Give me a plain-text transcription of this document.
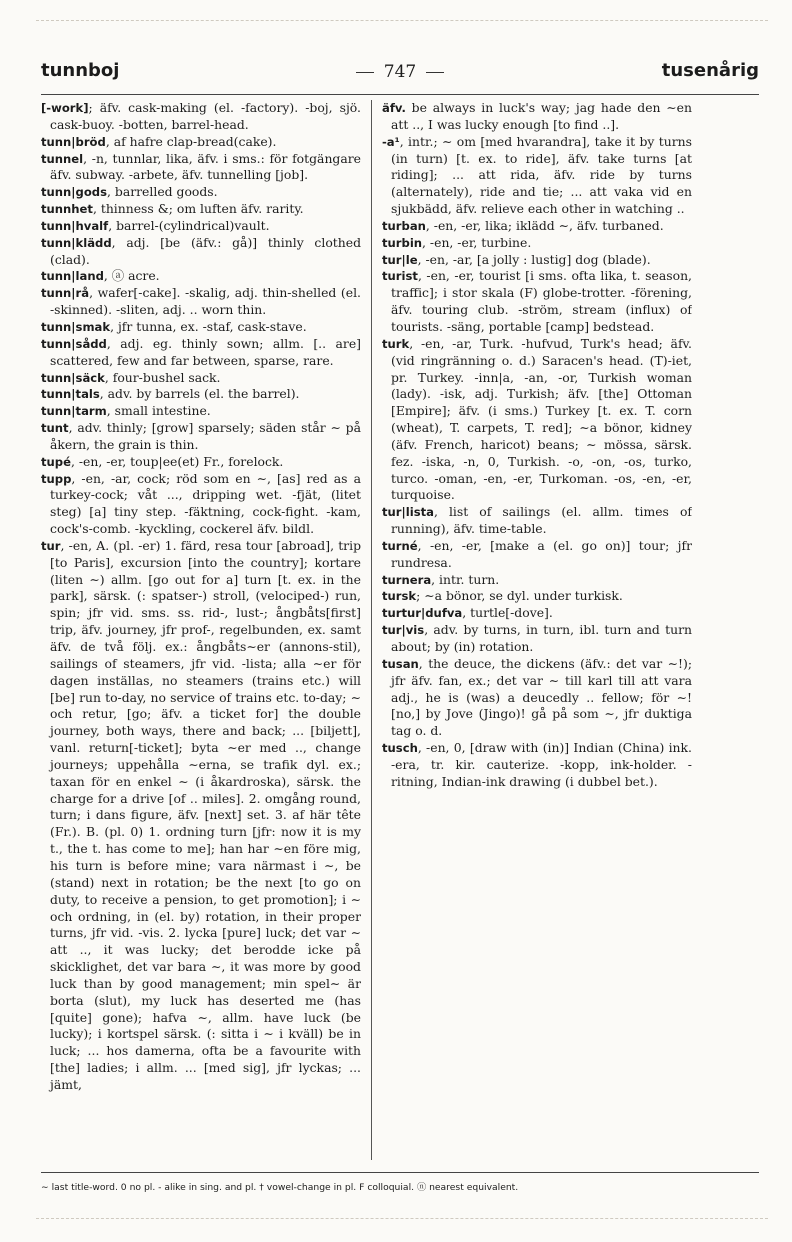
tunnboj	747	tusenårig

[-work]; äfv. cask-making (el. -factory). -boj, sjö. cask-buoy. -botten, barrel-head.

tunn|bröd, af hafre clap-bread(cake).

tunnel, -n, tunnlar, lika, äfv. i sms.: för fotgängare äfv. subway. -arbete, äfv. tunnelling [job].

tunn|gods, barrelled goods.

tunnhet, thinness &; om luften äfv. rarity.

tunn|hvalf, barrel-(cylindrical)vault.

tunn|klädd, adj. [be (äfv.: gå)] thinly clothed (clad).

tunn|land, ⓐ acre.

tunn|rå, wafer[-cake]. -skalig, adj. thin-shelled (el. -skinned). -sliten, adj. .. worn thin.

tunn|smak, jfr tunna, ex. -staf, cask-stave.

tunn|sådd, adj. eg. thinly sown; allm. [.. are] scattered, few and far between, sparse, rare.

tunn|säck, four-bushel sack.

tunn|tals, adv. by barrels (el. the barrel).

tunn|tarm, small intestine.

tunt, adv. thinly; [grow] sparsely; säden står ∼ på åkern, the grain is thin.

tupé, -en, -er, toup|ee(et) Fr., forelock.

tupp, -en, -ar, cock; röd som en ∼, [as] red as a turkey-cock; våt ..., dripping wet. -fjät, (litet steg) [a] tiny step. -fäktning, cock-fight. -kam, cock's-comb. -kyckling, cockerel äfv. bildl.

tur, -en, A. (pl. -er) 1. färd, resa tour [abroad], trip [to Paris], excursion [into the country]; kortare (liten ∼) allm. [go out for a] turn [t. ex. in the park], särsk. (: spatser-) stroll, (velociped-) run, spin; jfr vid. sms. ss. rid-, lust-; ångbåts[first] trip, äfv. journey, jfr prof-, regelbunden, ex. samt äfv. de två följ. ex.: ångbåts∼er (annons-stil), sailings of steamers, jfr vid. -lista; alla ∼er för dagen inställas, no steamers (trains etc.) will [be] run to-day, no service of trains etc. to-day; ∼ och retur, [go; äfv. a ticket for] the double journey, both ways, there and back; ... [biljett], vanl. return[-ticket]; byta ∼er med .., change journeys; uppehålla ∼erna, se trafik dyl. ex.; taxan för en enkel ∼ (i åkardroska), särsk. the charge for a drive [of .. miles]. 2. omgång round, turn; i dans figure, äfv. [next] set. 3. af här tête (Fr.). B. (pl. 0) 1. ordning turn [jfr: now it is my t., the t. has come to me]; han har ∼en före mig, his turn is before mine; vara närmast i ∼, be (stand) next in rotation; be the next [to go on duty, to receive a pension, to get promotion]; i ∼ och ordning, in (el. by) rotation, in their proper turns, jfr vid. -vis. 2. lycka [pure] luck; det var ∼ att .., it was lucky; det berodde icke på skicklighet, det var bara ∼, it was more by good luck than by good management; min spel∼ är borta (slut), my luck has deserted me (has [quite] gone); hafva ∼, allm. have luck (be lucky); i kortspel särsk. (: sitta i ∼ i kväll) be in luck; ... hos damerna, ofta be a favourite with [the] ladies; i allm. ... [med sig], jfr lyckas; ... jämt,

äfv. be always in luck's way; jag hade den ∼en att .., I was lucky enough [to find ..].

-a¹, intr.; ∼ om [med hvarandra], take it by turns (in turn) [t. ex. to ride], äfv. take turns [at riding]; ... att rida, äfv. ride by turns (alternately), ride and tie; ... att vaka vid en sjukbädd, äfv. relieve each other in watching ..

turban, -en, -er, lika; iklädd ∼, äfv. turbaned.

turbin, -en, -er, turbine.

tur|le, -en, -ar, [a jolly : lustig] dog (blade).

turist, -en, -er, tourist [i sms. ofta lika, t. season, traffic]; i stor skala (F) globe-trotter. -förening, äfv. touring club. -ström, stream (influx) of tourists. -säng, portable [camp] bedstead.

turk, -en, -ar, Turk. -hufvud, Turk's head; äfv. (vid ringränning o. d.) Saracen's head. (T)-iet, pr. Turkey. -inn|a, -an, -or, Turkish woman (lady). -isk, adj. Turkish; äfv. [the] Ottoman [Empire]; äfv. (i sms.) Turkey [t. ex. T. corn (wheat), T. carpets, T. red]; ∼a bönor, kidney (äfv. French, haricot) beans; ∼ mössa, särsk. fez. -iska, -n, 0, Turkish. -o, -on, -os, turko, turco. -oman, -en, -er, Turkoman. -os, -en, -er, turquoise.

tur|lista, list of sailings (el. allm. times of running), äfv. time-table.

turné, -en, -er, [make a (el. go on)] tour; jfr rundresa.

turnera, intr. turn.

tursk; ∼a bönor, se dyl. under turkisk.

turtur|dufva, turtle[-dove].

tur|vis, adv. by turns, in turn, ibl. turn and turn about; by (in) rotation.

tusan, the deuce, the dickens (äfv.: det var ∼!); jfr äfv. fan, ex.; det var ∼ till karl till att vara adj., he is (was) a deucedly .. fellow; för ∼! [no,] by Jove (Jingo)! gå på som ∼, jfr duktiga tag o. d.

tusch, -en, 0, [draw with (in)] Indian (China) ink. -era, tr. kir. cauterize. -kopp, ink-holder. -ritning, Indian-ink drawing (i dubbel bet.).

∼ last title-word. 0 no pl. - alike in sing. and pl. † vowel-change in pl. F colloquial. ⓝ nearest equivalent.
